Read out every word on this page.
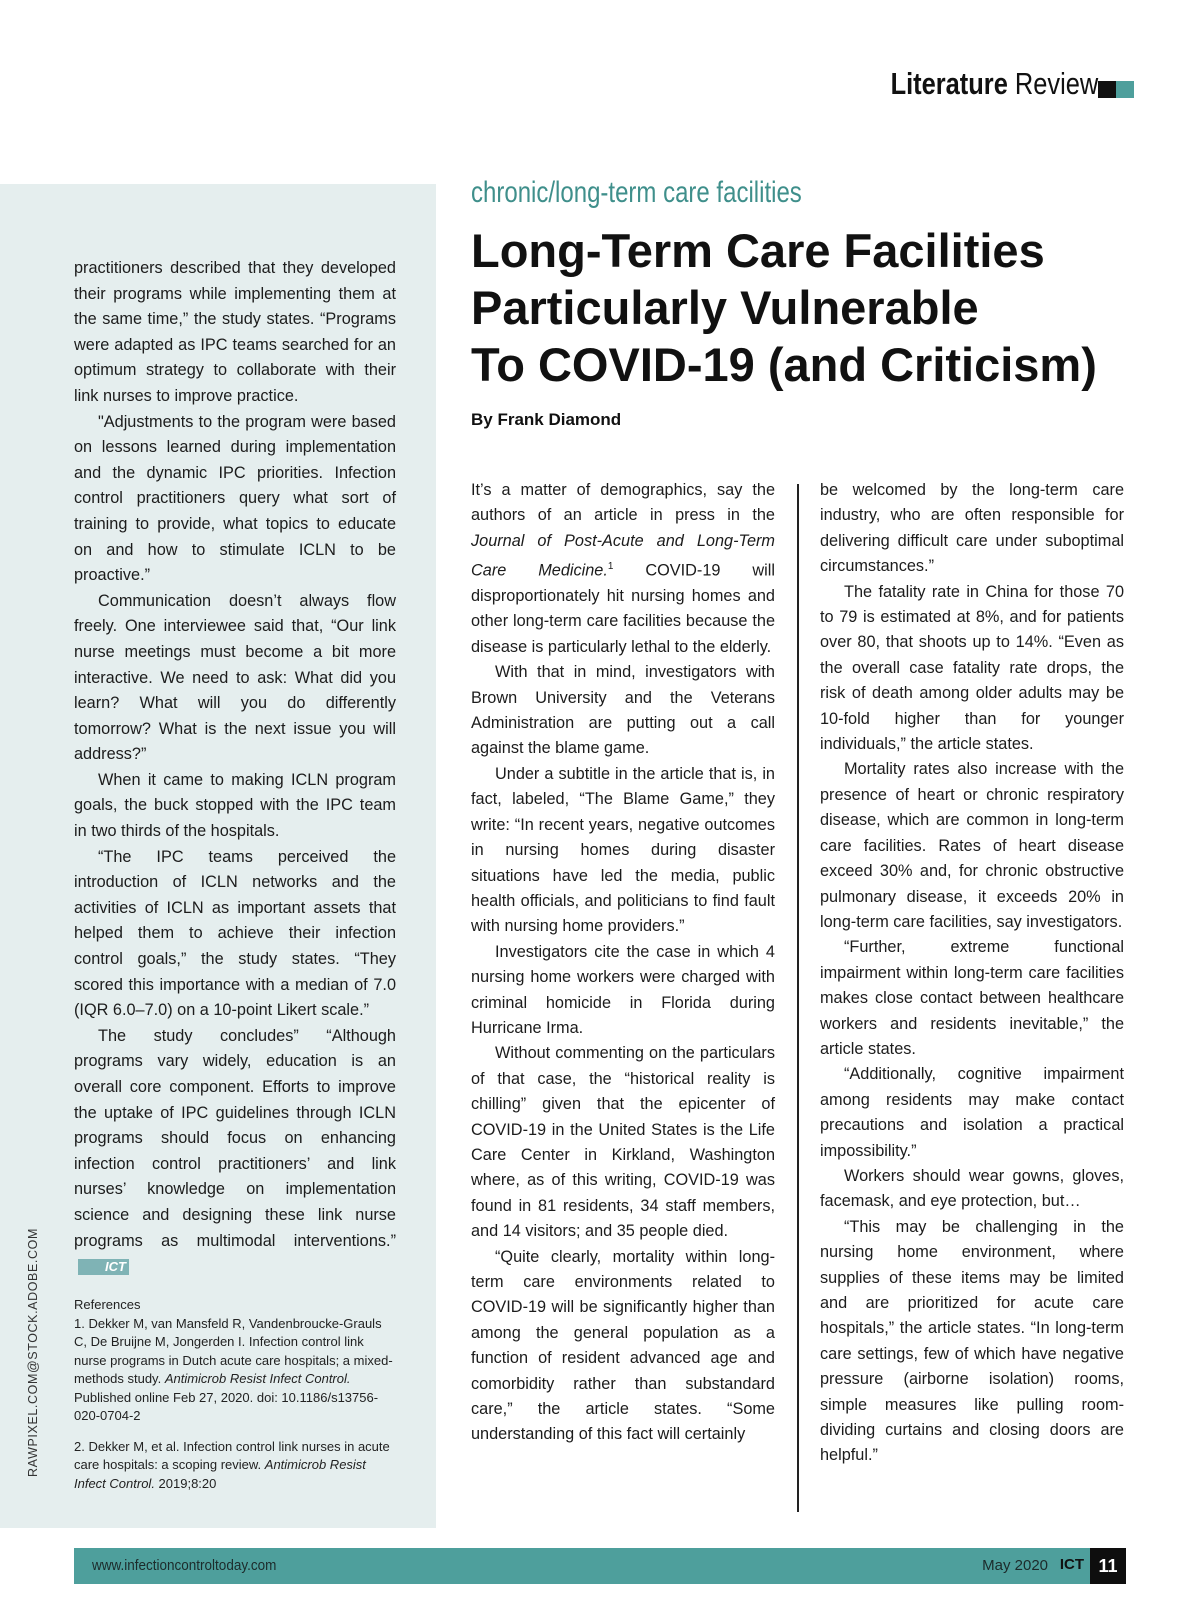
Literature Review

practitioners described that they developed their programs while implementing them at the same time,” the study states. “Programs were adapted as IPC teams searched for an optimum strategy to collaborate with their link nurses to improve practice.

"Adjustments to the program were based on lessons learned during implementation and the dynamic IPC priorities. Infection control practitioners query what sort of training to provide, what topics to educate on and how to stimulate ICLN to be proactive.”

Communication doesn’t always flow freely. One interviewee said that, “Our link nurse meetings must become a bit more interactive. We need to ask: What did you learn? What will you do differently tomorrow? What is the next issue you will address?”

When it came to making ICLN program goals, the buck stopped with the IPC team in two thirds of the hospitals.

“The IPC teams perceived the introduction of ICLN networks and the activities of ICLN as important assets that helped them to achieve their infection control goals,” the study states. “They scored this importance with a median of 7.0 (IQR 6.0–7.0) on a 10-point Likert scale.”

The study concludes” “Although programs vary widely, education is an overall core component. Efforts to improve the uptake of IPC guidelines through ICLN programs should focus on enhancing infection control practitioners’ and link nurses’ knowledge on implementation science and designing these link nurse programs as multimodal interventions.”ICT

References

1. Dekker M, van Mansfeld R, Vandenbroucke-Grauls C, De Bruijne M, Jongerden I. Infection control link nurse programs in Dutch acute care hospitals; a mixed-methods study. Antimicrob Resist Infect Control. Published online Feb 27, 2020. doi: 10.1186/s13756-020-0704-2

2. Dekker M, et al. Infection control link nurses in acute care hospitals: a scoping review. Antimicrob Resist Infect Control. 2019;8:20

RAWPIXEL.COM@STOCK.ADOBE.COM
chronic/long-term care facilities
Long-Term Care Facilities
Particularly Vulnerable
To COVID-19 (and Criticism)
By Frank Diamond

It’s a matter of demographics, say the authors of an article in press in the Journal of Post-Acute and Long-Term Care Medicine.$^1$ COVID-19 will disproportionately hit nursing homes and other long-term care facilities because the disease is particularly lethal to the elderly.

With that in mind, investigators with Brown University and the Veterans Administration are putting out a call against the blame game.

Under a subtitle in the article that is, in fact, labeled, “The Blame Game,” they write: “In recent years, negative outcomes in nursing homes during disaster situations have led the media, public health officials, and politicians to find fault with nursing home providers.”

Investigators cite the case in which 4 nursing home workers were charged with criminal homicide in Florida during Hurricane Irma.

Without commenting on the particulars of that case, the “historical reality is chilling” given that the epicenter of COVID-19 in the United States is the Life Care Center in Kirkland, Washington where, as of this writing, COVID-19 was found in 81 residents, 34 staff members, and 14 visitors; and 35 people died.

“Quite clearly, mortality within long-term care environments related to COVID-19 will be significantly higher than among the general population as a function of resident advanced age and comorbidity rather than substandard care,” the article states. “Some understanding of this fact will certainly

be welcomed by the long-term care industry, who are often responsible for delivering difficult care under suboptimal circumstances.”

The fatality rate in China for those 70 to 79 is estimated at 8%, and for patients over 80, that shoots up to 14%. “Even as the overall case fatality rate drops, the risk of death among older adults may be 10-fold higher than for younger individuals,” the article states.

Mortality rates also increase with the presence of heart or chronic respiratory disease, which are common in long-term care facilities. Rates of heart disease exceed 30% and, for chronic obstructive pulmonary disease, it exceeds 20% in long-term care facilities, say investigators.

“Further, extreme functional impairment within long-term care facilities makes close contact between healthcare workers and residents inevitable,” the article states.

“Additionally, cognitive impairment among residents may make contact precautions and isolation a practical impossibility.”

Workers should wear gowns, gloves, facemask, and eye protection, but…

“This may be challenging in the nursing home environment, where supplies of these items may be limited and are prioritized for acute care hospitals,” the article states. “In long-term care settings, few of which have negative pressure (airborne isolation) rooms, simple measures like pulling room-dividing curtains and closing doors are helpful.”

www.infectioncontroltoday.com	May 2020 ICT 11
